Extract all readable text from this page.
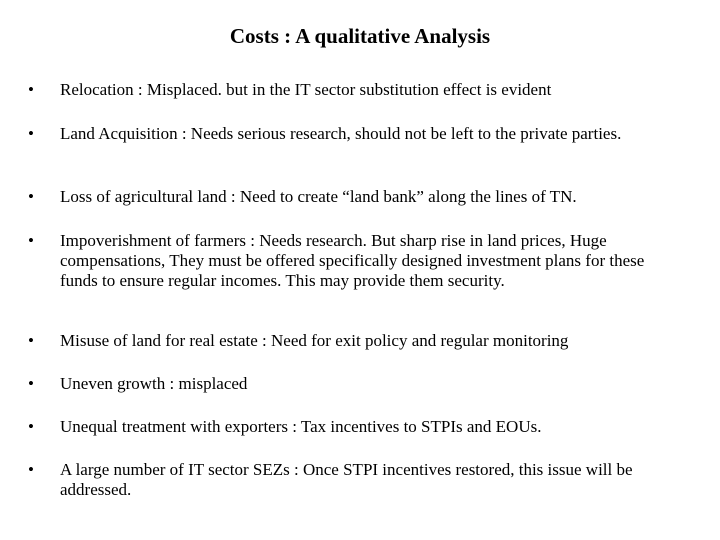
Costs : A qualitative Analysis
•	Relocation : Misplaced. but in the IT sector substitution effect is evident
•	Land Acquisition : Needs serious research, should not be left to the private parties.
•	Loss of agricultural land : Need to create “land bank” along the lines of TN.
•	Impoverishment of farmers : Needs research. But sharp rise in land prices, Huge compensations, They must be offered specifically designed investment plans for these funds to ensure regular incomes. This may provide them security.
•	Misuse of land for real estate : Need for exit policy and regular monitoring
•	Uneven growth : misplaced
•	Unequal treatment with exporters : Tax incentives to STPIs and EOUs.
•	A large number of IT sector SEZs : Once STPI incentives restored, this issue will be addressed.
